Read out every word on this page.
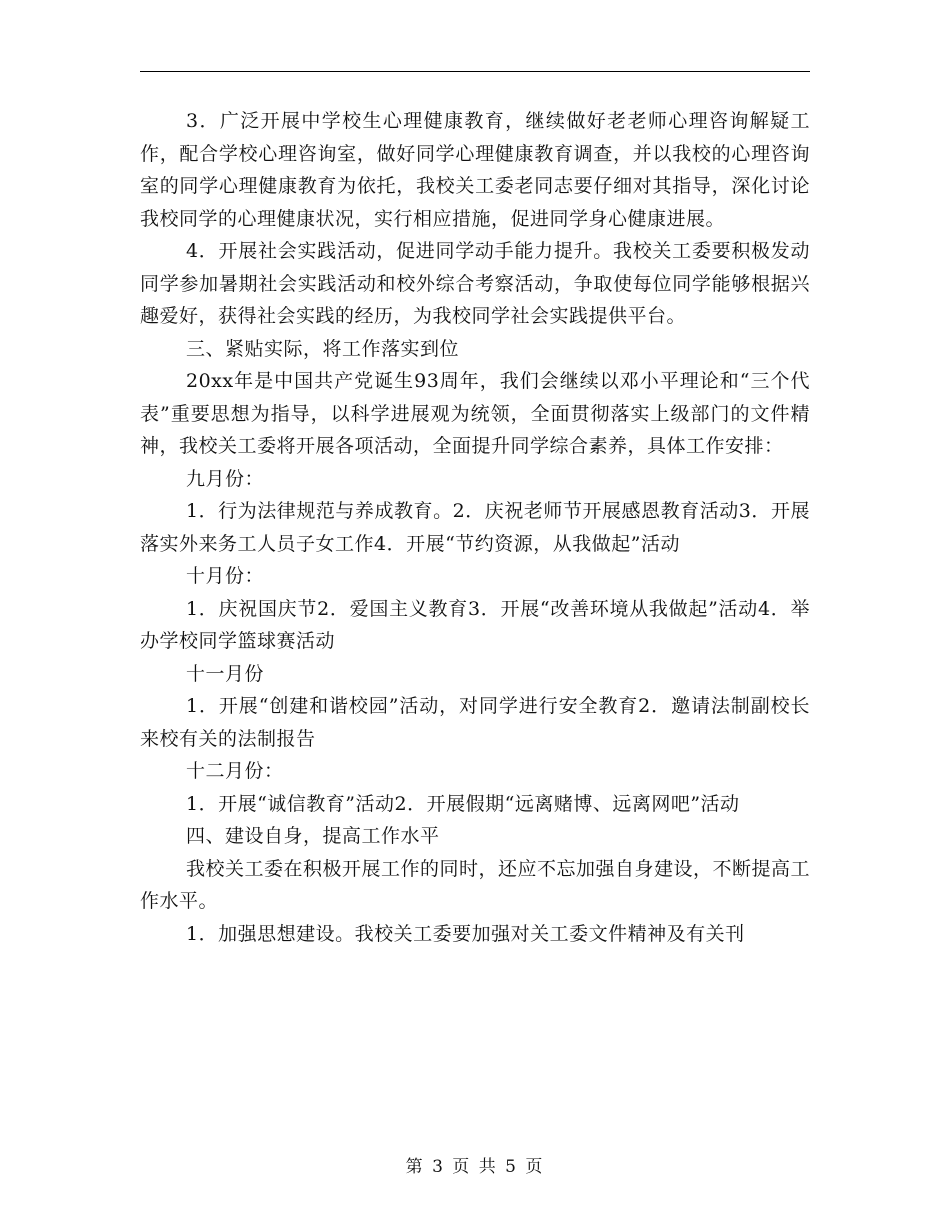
3．广泛开展中学校生心理健康教育，继续做好老老师心理咨询解疑工作，配合学校心理咨询室，做好同学心理健康教育调查，并以我校的心理咨询室的同学心理健康教育为依托，我校关工委老同志要仔细对其指导，深化讨论我校同学的心理健康状况，实行相应措施，促进同学身心健康进展。

4．开展社会实践活动，促进同学动手能力提升。我校关工委要积极发动同学参加暑期社会实践活动和校外综合考察活动，争取使每位同学能够根据兴趣爱好，获得社会实践的经历，为我校同学社会实践提供平台。

三、紧贴实际，将工作落实到位

20xx年是中国共产党诞生93周年，我们会继续以邓小平理论和“三个代表”重要思想为指导，以科学进展观为统领，全面贯彻落实上级部门的文件精神，我校关工委将开展各项活动，全面提升同学综合素养，具体工作安排：

九月份：

1．行为法律规范与养成教育。2．庆祝老师节开展感恩教育活动3．开展落实外来务工人员子女工作4．开展“节约资源，从我做起”活动

十月份：

1．庆祝国庆节2．爱国主义教育3．开展“改善环境从我做起”活动4．举办学校同学篮球赛活动

十一月份

1．开展“创建和谐校园”活动，对同学进行安全教育2．邀请法制副校长来校有关的法制报告

十二月份：

1．开展“诚信教育”活动2．开展假期“远离赌博、远离网吧”活动

四、建设自身，提高工作水平

我校关工委在积极开展工作的同时，还应不忘加强自身建设，不断提高工作水平。

1．加强思想建设。我校关工委要加强对关工委文件精神及有关刊

第 3 页 共 5 页
